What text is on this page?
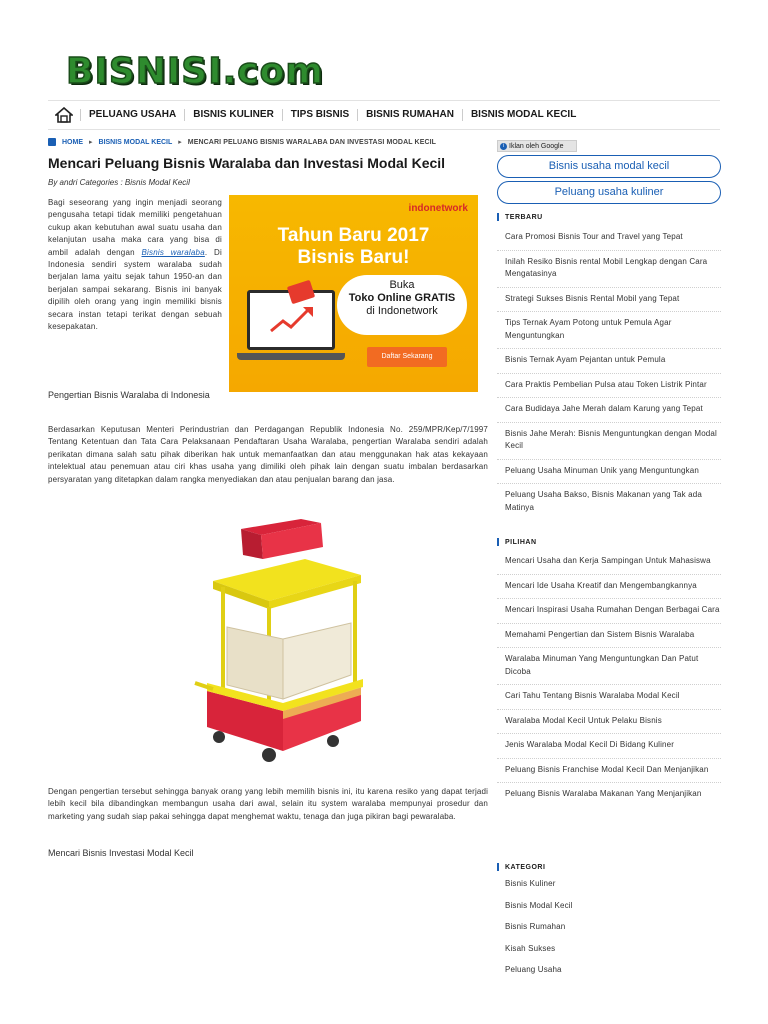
BISNISI.com
PELUANG USAHA	BISNIS KULINER	TIPS BISNIS	BISNIS RUMAHAN	BISNIS MODAL KECIL
HOME ▸ BISNIS MODAL KECIL ▸ MENCARI PELUANG BISNIS WARALABA DAN INVESTASI MODAL KECIL
Mencari Peluang Bisnis Waralaba dan Investasi Modal Kecil
By andri Categories : Bisnis Modal Kecil

Bagi seseorang yang ingin menjadi seorang pengusaha tetapi tidak memiliki pengetahuan cukup akan kebutuhan awal suatu usaha dan kelanjutan usaha maka cara yang bisa di ambil adalah dengan Bisnis waralaba. Di Indonesia sendiri system waralaba sudah berjalan lama yaitu sejak tahun 1950-an dan berjalan sampai sekarang. Bisnis ini banyak dipilih oleh orang yang ingin memiliki bisnis secara instan tetapi terikat dengan sebuah kesepakatan.

Pengertian Bisnis Waralaba di Indonesia
indonetwork
Tahun Baru 2017
Bisnis Baru!
Buka
Toko Online GRATIS
di Indonetwork
Daftar Sekarang

Berdasarkan Keputusan Menteri Perindustrian dan Perdagangan Republik Indonesia No. 259/MPR/Kep/7/1997 Tentang Ketentuan dan Tata Cara Pelaksanaan Pendaftaran Usaha Waralaba, pengertian Waralaba sendiri adalah perikatan dimana salah satu pihak diberikan hak untuk memanfaatkan dan atau menggunakan hak atas kekayaan intelektual atau penemuan atau ciri khas usaha yang dimiliki oleh pihak lain dengan suatu imbalan berdasarkan persyaratan yang ditetapkan dalam rangka menyediakan dan atau penjualan barang dan jasa.

Dengan pengertian tersebut sehingga banyak orang yang lebih memilih bisnis ini, itu karena resiko yang dapat terjadi lebih kecil bila dibandingkan membangun usaha dari awal, selain itu system waralaba mempunyai prosedur dan marketing yang sudah siap pakai sehingga dapat menghemat waktu, tenaga dan juga pikiran bagi pewaralaba.

Mencari Bisnis Investasi Modal Kecil
i Iklan oleh Google
Bisnis usaha modal kecil
Peluang usaha kuliner
TERBARU
Cara Promosi Bisnis Tour and Travel yang Tepat
Inilah Resiko Bisnis rental Mobil Lengkap dengan Cara Mengatasinya
Strategi Sukses Bisnis Rental Mobil yang Tepat
Tips Ternak Ayam Potong untuk Pemula Agar Menguntungkan
Bisnis Ternak Ayam Pejantan untuk Pemula
Cara Praktis Pembelian Pulsa atau Token Listrik Pintar
Cara Budidaya Jahe Merah dalam Karung yang Tepat
Bisnis Jahe Merah: Bisnis Menguntungkan dengan Modal Kecil
Peluang Usaha Minuman Unik yang Menguntungkan
Peluang Usaha Bakso, Bisnis Makanan yang Tak ada Matinya
PILIHAN
Mencari Usaha dan Kerja Sampingan Untuk Mahasiswa
Mencari Ide Usaha Kreatif dan Mengembangkannya
Mencari Inspirasi Usaha Rumahan Dengan Berbagai Cara
Memahami Pengertian dan Sistem Bisnis Waralaba
Waralaba Minuman Yang Menguntungkan Dan Patut Dicoba
Cari Tahu Tentang Bisnis Waralaba Modal Kecil
Waralaba Modal Kecil Untuk Pelaku Bisnis
Jenis Waralaba Modal Kecil Di Bidang Kuliner
Peluang Bisnis Franchise Modal Kecil Dan Menjanjikan
Peluang Bisnis Waralaba Makanan Yang Menjanjikan
KATEGORI
Bisnis Kuliner
Bisnis Modal Kecil
Bisnis Rumahan
Kisah Sukses
Peluang Usaha
